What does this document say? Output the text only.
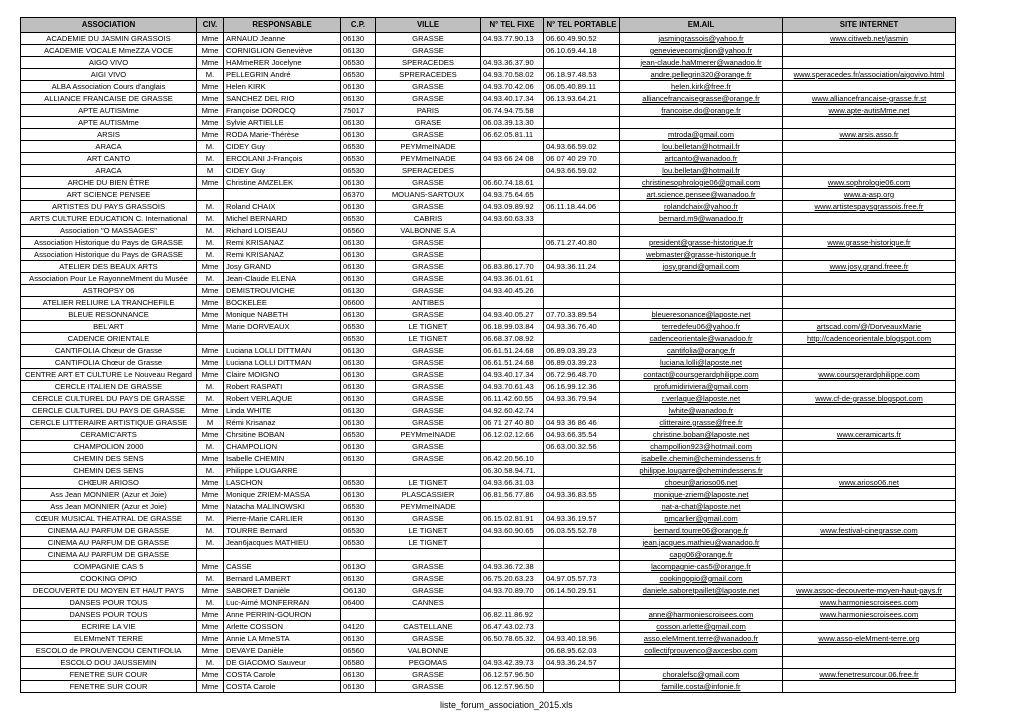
ASSOCIATION	CIV.	RESPONSABLE	C.P.	VILLE	N° TEL FIXE	N° TEL PORTABLE	EM.AIL	SITE INTERNET
ACADEMIE DU JASMIN GRASSOIS	Mme	ARNAUD Jeanne	06130	GRASSE	04.93.77.90.13	06.60.49.90.52	jasmingrassois@yahoo.fr	www.citiweb.net/jasmin
ACADEMIE VOCALE MmeZZA VOCE	Mme	CORNIGLION Geneviève	06130	GRASSE		06.10.69.44.18	genevievecorniglion@yahoo.fr	
AIGO VIVO	Mme	HAMmeRER Jocelyne	06530	SPERACEDES	04.93.36.37.90		jean-claude.haMmerer@wanadoo.fr	
AIGI VIVO	M.	PELLEGRIN André	06530	SPRERACEDES	04.93.70.58.02	06.18.97.48.53	andre.pellegrin320@orange.fr	www.speracedes.fr/association/aigovivo.html
ALBA Association Cours d'anglais	Mme	Helen KIRK	06130	GRASSE	04.93.70.42.06	06.05.40.89.11	helen.kirk@free.fr	
ALLIANCE FRANCAISE DE GRASSE	Mme	SANCHEZ DEL RIO	06130	GRASSE	04.93.40.17.34	06.13.93.64.21	alliancefrancaisegrasse@orange.fr	www.alliancefrancaise-grasse.fr.st
APTE AUTISMme	Mme	Françoise DOROCQ	75017	PARIS	06.74.94.75.58		francoise.do@orange.fr	www.apte-autisMme.net
APTE AUTISMme	Mme	Sylvie ARTIELLE	06130	GRASE	06.03.39.13.30			
ARSIS	Mme	RODA Marie-Thérèse	06130	GRASSE	06.62.05.81.11		mtroda@gmail.com	www.arsis.asso.fr
ARACA	M.	CIDEY Guy	06530	PEYMmeINADE		04.93.66.59.02	lou.belletan@hotmail.fr	
ART CANTO	M.	ERCOLANI J-François	06530	PEYMmeINADE	04 93 66 24 08	06 07 40 29 70	artcanto@wanadoo.fr	
ARACA	M	CIDEY Guy	06530	SPERACEDES		04.93.66.59.02	lou.belletan@hotmail.fr	
ARCHE DU BIEN ÊTRE	Mme	Christine AMZELEK	06130	GRASSE	06.60.74.18.61		christinesophrologie06@gmail.com	www.sophrologie06.com
ART SCIENCE PENSEE			06370	MOUANS-SARTOUX	04.93.75.64.65		art.science.pensee@wanadoo.fr	www.a-asp.org
ARTISTES DU PAYS GRASSOIS	M.	Roland CHAIX	06130	GRASSE	04.93.09.89.92	06.11.18.44.06	rolandchaix@yahoo.fr	www.artistespaysgrassois.free.fr
ARTS CULTURE EDUCATION C. International	M.	Michel BERNARD	06530	CABRIS	04.93.60.63.33		bernard.m9@wanadoo.fr	
Association "O MASSAGES"	M.	Richard LOISEAU	06560	VALBONNE S.A				
Association Historique du Pays de GRASSE	M.	Remi KRISANAZ	06130	GRASSE		06.71.27.40.80	president@grasse-historique.fr	www.grasse-historique.fr
Association Historique du Pays de GRASSE	M.	Remi KRISANAZ	06130	GRASSE			webmaster@grasse-historique.fr	
ATELIER DES BEAUX ARTS	Mme	Josy GRAND	06130	GRASSE	06.83.86.17.70	04.93.36.11.24	josy.grand@gmail.com	www.josy.grand.freee.fr
Association Pour Le RayonneMment du Musée	M.	Jean-Claude ELENA	06130	GRASSE	04.93.36.01.61			
ASTROPSY 06	Mme	DEMISTROUVICHE	06130	GRASSE	04.93.40.45.26			
ATELIER RELIURE LA TRANCHEFILE	Mme	BOCKELEE	06600	ANTIBES				
BLEUE RESONNANCE	Mme	Monique NABETH	06130	GRASSE	04.93.40.05.27	07.70.33.89.54	bleueresonance@laposte.net	
BEL'ART	Mme	Marie DORVEAUX	06530	LE TIGNET	06.18.99.03.84	04.93.36.76.40	terredefeu06@yahoo.fr	artscad.com/@/DorveauxMarie
CADENCE ORIENTALE			06530	LE TIGNET	06.68.37.08.92		cadenceorientale@wanadoo.fr	http://cadenceorientale.blogspot.com
CANTIFOLIA Chœur de Grasse	Mme	Luciana LOLLI DITTMAN	06130	GRASSE	06.61.51.24.68	06.89.03.39.23	cantifolia@orange.fr	
CANTIFOLIA Chœur de Grasse	Mme	Luciana LOLLI DITTMAN	06130	GRASSE	06.61.51.24.68	06.89.03.39.23	luciana.lolli@laposte.net	
CENTRE ART ET CULTURE Le Nouveau Regard	Mme	Claire MOIGNO	06130	GRASSE	04.93.40.17.34	06.72.96.48.70	contact@coursgerardphilippe.com	www.coursgerardphilippe.com
CERCLE ITALIEN DE GRASSE	M.	Robert RASPATI	06130	GRASSE	04.93.70.61.43	06.16.99.12.36	profumidiriviera@gmail.com	
CERCLE CULTUREL DU PAYS DE GRASSE	M.	Robert VERLAQUE	06130	GRASSE	06.11.42.60.55	04.93.36.79.94	r.verlaque@laposte.net	www.cf-de-grasse.blogspot.com
CERCLE CULTUREL DU PAYS DE GRASSE	Mme	Linda WHITE	06130	GRASSE	04.92.60.42.74		lwhite@wanadoo.fr	
CERCLE LITTERAIRE ARTISTIQUE GRASSE	M	Rémi Krisanaz	06130	GRASSE	06 71 27 40 80	04 93 36 86 46	clitteraire.grasse@free.fr	
CERAMIC'ARTS	Mme	Chrsitine BOBAN	06530	PEYMmeINADE	06.12.02.12.66	04.93.66.35.54	christine.boban@laposte.net	www.ceramicarts.fr
CHAMPOLION 2000	M.	CHAMPOLION	06130	GRASSE		06.63.00.32.56	champollion923@hotmail.com	
CHEMIN DES SENS	Mme	Isabelle CHEMIN	06130	GRASSE	06.42.20.56.10		isabelle.chemin@chemindessens.fr	
CHEMIN DES SENS	M.	Philippe LOUGARRE			06.30.58.94.71.		philippe.lougarre@chemindessens.fr	
CHŒUR ARIOSO	Mme	LASCHON	06530	LE TIGNET	04.93.66.31.03		choeur@arioso06.net	www.arioso06.net
Ass Jean MONNIER (Azur et Joie)	Mme	Monique ZRIEM-MASSA	06130	PLASCASSIER	06.81.56.77.86	04.93.36.83.55	monique-zriem@laposte.net	
Ass Jean MONNIER (Azur et Joie)	Mme	Natacha MALINOWSKI	06530	PEYMmeINADE			nat-a-chat@laposte.net	
CŒUR MUSICAL THEATRAL DE GRASSE	M.	Pierre-Marie CARLIER	06130	GRASSE	06.15.02.81.91	04.93.36.19.57	pmcarlier@gmail.com	
CINEMA AU PARFUM DE GRASSE	M.	TOURRE Bernard	06530	LE TIGNET	04.93.60.90.65	06.03.55.52.78	bernard.tourre06@orange.fr	www.festival-cinegrasse.com
CINEMA AU PARFUM DE GRASSE	M.	Jean6jacques MATHIEU	06530	LE TIGNET			jean.jacques.mathieu@wanadoo.fr	
CINEMA AU PARFUM DE GRASSE							capg06@orange.fr	
COMPAGNIE CAS 5	Mme	CASSE	0613O	GRASSE	04.93.36.72.38		lacompagnie-cas5@orange.fr	
COOKING OPIO	M.	Bernard LAMBERT	06130	GRASSE	06.75.20.63.23	04.97.05.57.73	cookingopio@gmail.com	
DECOUVERTE DU MOYEN ET HAUT PAYS	Mme	SABORET Danièle	O6130	GRASSE	04.93.70.89.70	06.14.50.29.51	daniele.saboretpaillet@laposte.net	www.assoc-decouverte-moyen-haut-pays.fr
DANSES POUR TOUS	M.	Luc-Aimé MONFERRAN	06400	CANNES				www.harmoniescroisees.com
DANSES POUR TOUS	Mme	Anne PERRIN-GOURON			06.82.11.86.92		anne@harmoniescroisees.com	www.harmoniescroisees.com
ECRIRE LA VIE	Mme	Arlette COSSON	04120	CASTELLANE	06.47.43.02.73		cosson.arlette@gmail.com	
ELEMmeNT TERRE	Mme	Annie LA MmeSTA	06130	GRASSE	06.50.78.65.32.	04.93.40.18.96	asso.eleMment.terre@wanadoo.fr	www.asso-eleMment-terre.org
ESCOLO de PROUVENCOU CENTIFOLIA	Mme	DEVAYE Danièle	06560	VALBONNE		06.68.95.62.03	collectifprouvenco@axcesbo.com	
ESCOLO DOU JAUSSEMIN	M.	DE GIACOMO Sauveur	06580	PEGOMAS	04.93.42.39.73	04.93.36.24.57		
FENETRE SUR COUR	Mme	COSTA Carole	06130	GRASSE	06.12.57.96.50		choralefsc@gmail.com	www.fenetresurcour.06.free.fr
FENETRE SUR COUR	Mme	COSTA Carole	06130	GRASSE	06.12.57.96.50		famille.costa@infonie.fr	
liste_forum_association_2015.xls
